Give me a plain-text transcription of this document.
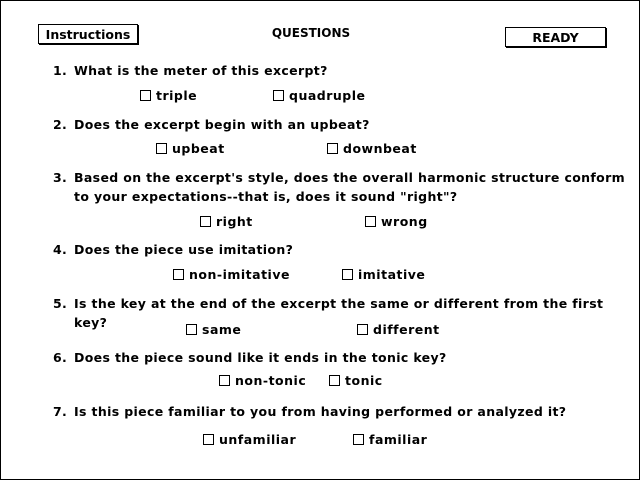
Instructions	QUESTIONS	READY
1. What is the meter of this excerpt?
triple	quadruple
2. Does the excerpt begin with an upbeat?
upbeat	downbeat
3. Based on the excerpt's style, does the overall harmonic structure conform to your expectations--that is, does it sound "right"?
right	wrong
4. Does the piece use imitation?
non-imitative	imitative
5. Is the key at the end of the excerpt the same or different from the first key?	same	different
6. Does the piece sound like it ends in the tonic key?
non-tonic	tonic
7. Is this piece familiar to you from having performed or analyzed it?
unfamiliar	familiar
